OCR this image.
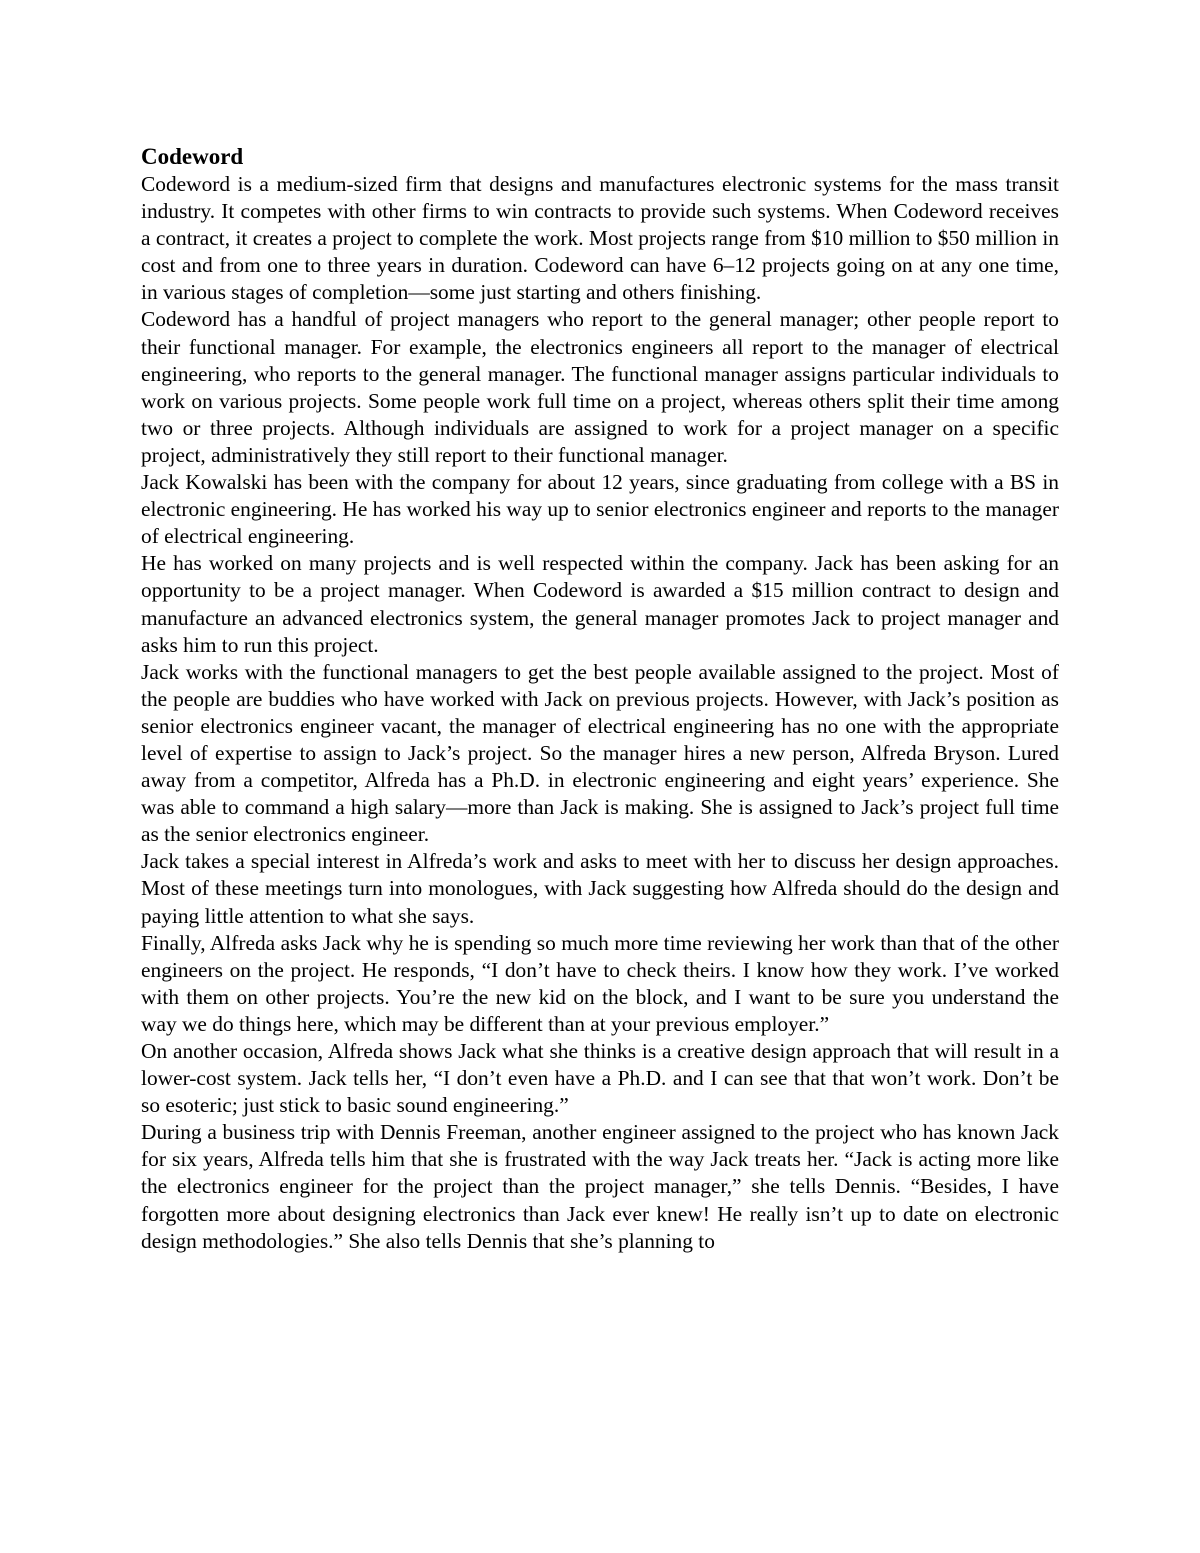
Codeword

Codeword is a medium-sized firm that designs and manufactures electronic systems for the mass transit industry. It competes with other firms to win contracts to provide such systems. When Codeword receives a contract, it creates a project to complete the work. Most projects range from $10 million to $50 million in cost and from one to three years in duration. Codeword can have 6–12 projects going on at any one time, in various stages of completion—some just starting and others finishing.

Codeword has a handful of project managers who report to the general manager; other people report to their functional manager. For example, the electronics engineers all report to the manager of electrical engineering, who reports to the general manager. The functional manager assigns particular individuals to work on various projects. Some people work full time on a project, whereas others split their time among two or three projects. Although individuals are assigned to work for a project manager on a specific project, administratively they still report to their functional manager.

Jack Kowalski has been with the company for about 12 years, since graduating from college with a BS in electronic engineering. He has worked his way up to senior electronics engineer and reports to the manager of electrical engineering.

He has worked on many projects and is well respected within the company. Jack has been asking for an opportunity to be a project manager. When Codeword is awarded a $15 million contract to design and manufacture an advanced electronics system, the general manager promotes Jack to project manager and asks him to run this project.

Jack works with the functional managers to get the best people available assigned to the project. Most of the people are buddies who have worked with Jack on previous projects. However, with Jack’s position as senior electronics engineer vacant, the manager of electrical engineering has no one with the appropriate level of expertise to assign to Jack’s project. So the manager hires a new person, Alfreda Bryson. Lured away from a competitor, Alfreda has a Ph.D. in electronic engineering and eight years’ experience. She was able to command a high salary—more than Jack is making. She is assigned to Jack’s project full time as the senior electronics engineer.

Jack takes a special interest in Alfreda’s work and asks to meet with her to discuss her design approaches. Most of these meetings turn into monologues, with Jack suggesting how Alfreda should do the design and paying little attention to what she says.

Finally, Alfreda asks Jack why he is spending so much more time reviewing her work than that of the other engineers on the project. He responds, “I don’t have to check theirs. I know how they work. I’ve worked with them on other projects. You’re the new kid on the block, and I want to be sure you understand the way we do things here, which may be different than at your previous employer.”

On another occasion, Alfreda shows Jack what she thinks is a creative design approach that will result in a lower-cost system. Jack tells her, “I don’t even have a Ph.D. and I can see that that won’t work. Don’t be so esoteric; just stick to basic sound engineering.”

During a business trip with Dennis Freeman, another engineer assigned to the project who has known Jack for six years, Alfreda tells him that she is frustrated with the way Jack treats her. “Jack is acting more like the electronics engineer for the project than the project manager,” she tells Dennis. “Besides, I have forgotten more about designing electronics than Jack ever knew! He really isn’t up to date on electronic design methodologies.” She also tells Dennis that she’s planning to
